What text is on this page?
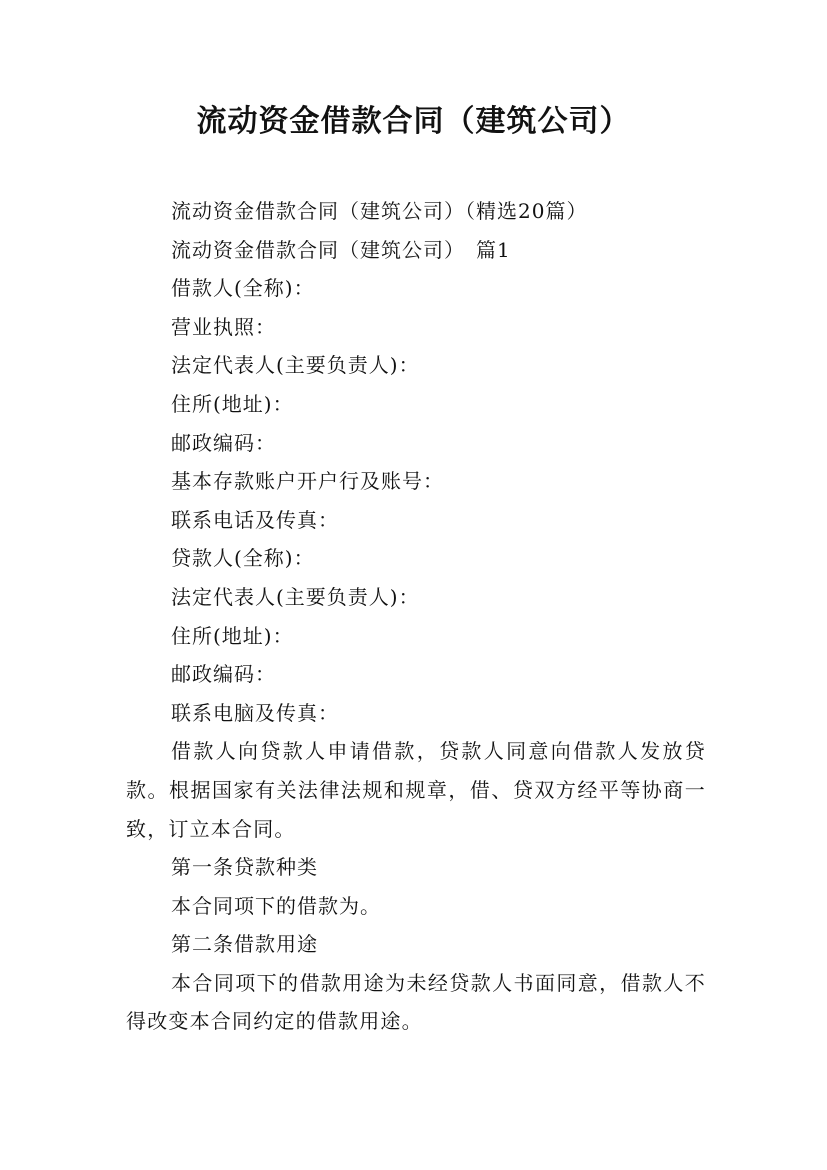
流动资金借款合同（建筑公司）

流动资金借款合同（建筑公司）（精选20篇）

流动资金借款合同（建筑公司）　篇1

借款人(全称)：

营业执照：

法定代表人(主要负责人)：

住所(地址)：

邮政编码：

基本存款账户开户行及账号：

联系电话及传真：

贷款人(全称)：

法定代表人(主要负责人)：

住所(地址)：

邮政编码：

联系电脑及传真：

借款人向贷款人申请借款，贷款人同意向借款人发放贷款。根据国家有关法律法规和规章，借、贷双方经平等协商一致，订立本合同。

第一条贷款种类

本合同项下的借款为。

第二条借款用途

本合同项下的借款用途为未经贷款人书面同意，借款人不得改变本合同约定的借款用途。
